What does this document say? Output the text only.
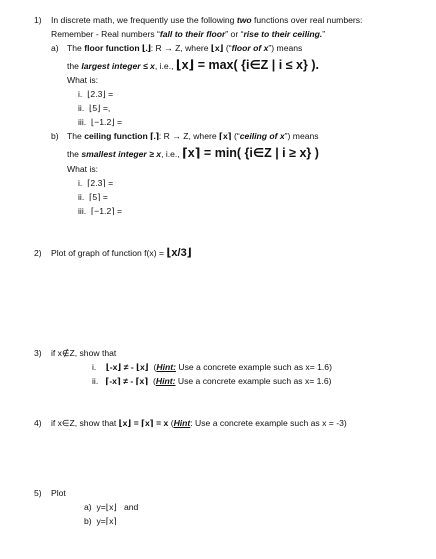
1) In discrete math, we frequently use the following two functions over real numbers:
Remember - Real numbers “fall to their floor” or “rise to their ceiling.”
a) The floor function ⌊.⌋: R → Z, where ⌊x⌋ (“floor of x”) means
the largest integer ≤ x, i.e., ⌊x⌋ = max( {i∈Z | i ≤ x} ).
What is:
i. ⌊2.3⌋ =
ii. ⌊5⌋ =,
iii. ⌊−1.2⌋ =
b) The ceiling function ⌈.⌉: R → Z, where ⌈x⌉ (“ceiling of x”) means
the smallest integer ≥ x, i.e., ⌈x⌉ = min( {i∈Z | i ≥ x} )
What is:
i. ⌈2.3⌉ =
ii. ⌈5⌉ =
iii. ⌈−1.2⌉ =
2) Plot of graph of function f(x) = ⌊x/3⌋
3) if x∉Z, show that
i. ⌊-x⌋ ≠ - ⌊x⌋ (Hint: Use a concrete example such as x= 1.6)
ii. ⌈-x⌉ ≠ - ⌈x⌉ (Hint: Use a concrete example such as x= 1.6)
4) if x∈Z, show that ⌊x⌋ = ⌈x⌉ = x (Hint: Use a concrete example such as x = -3)
5) Plot
a) y=⌊x⌋ and
b) y=⌈x⌉
